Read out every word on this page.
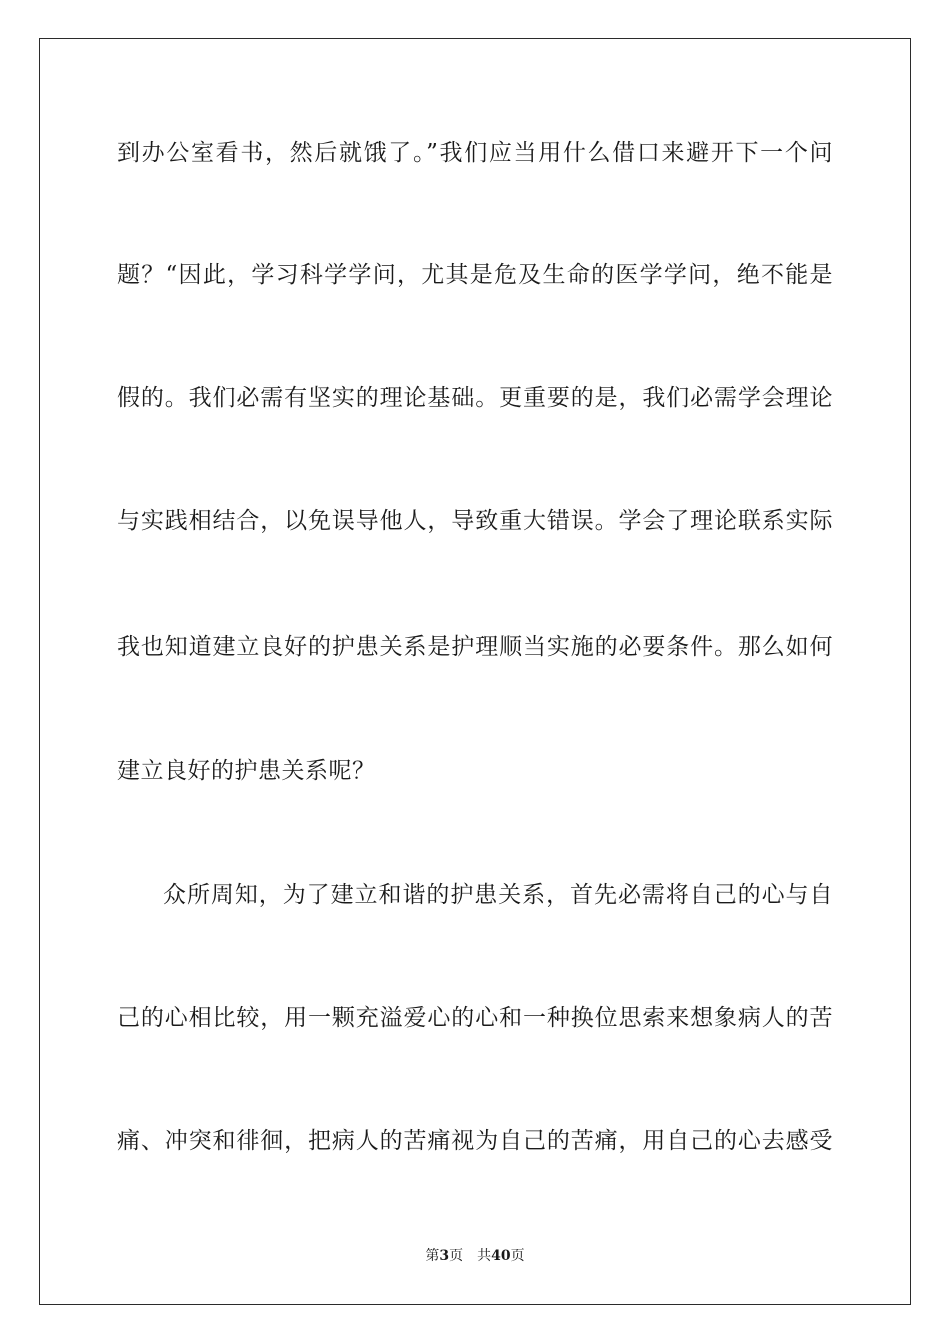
到办公室看书，然后就饿了。”我们应当用什么借口来避开下一个问
题？“因此，学习科学学问，尤其是危及生命的医学学问，绝不能是
假的。我们必需有坚实的理论基础。更重要的是，我们必需学会理论
与实践相结合，以免误导他人，导致重大错误。学会了理论联系实际
我也知道建立良好的护患关系是护理顺当实施的必要条件。那么如何
建立良好的护患关系呢？
众所周知，为了建立和谐的护患关系，首先必需将自己的心与自
己的心相比较，用一颗充溢爱心的心和一种换位思索来想象病人的苦
痛、冲突和徘徊，把病人的苦痛视为自己的苦痛，用自己的心去感受
第3页 共40页
